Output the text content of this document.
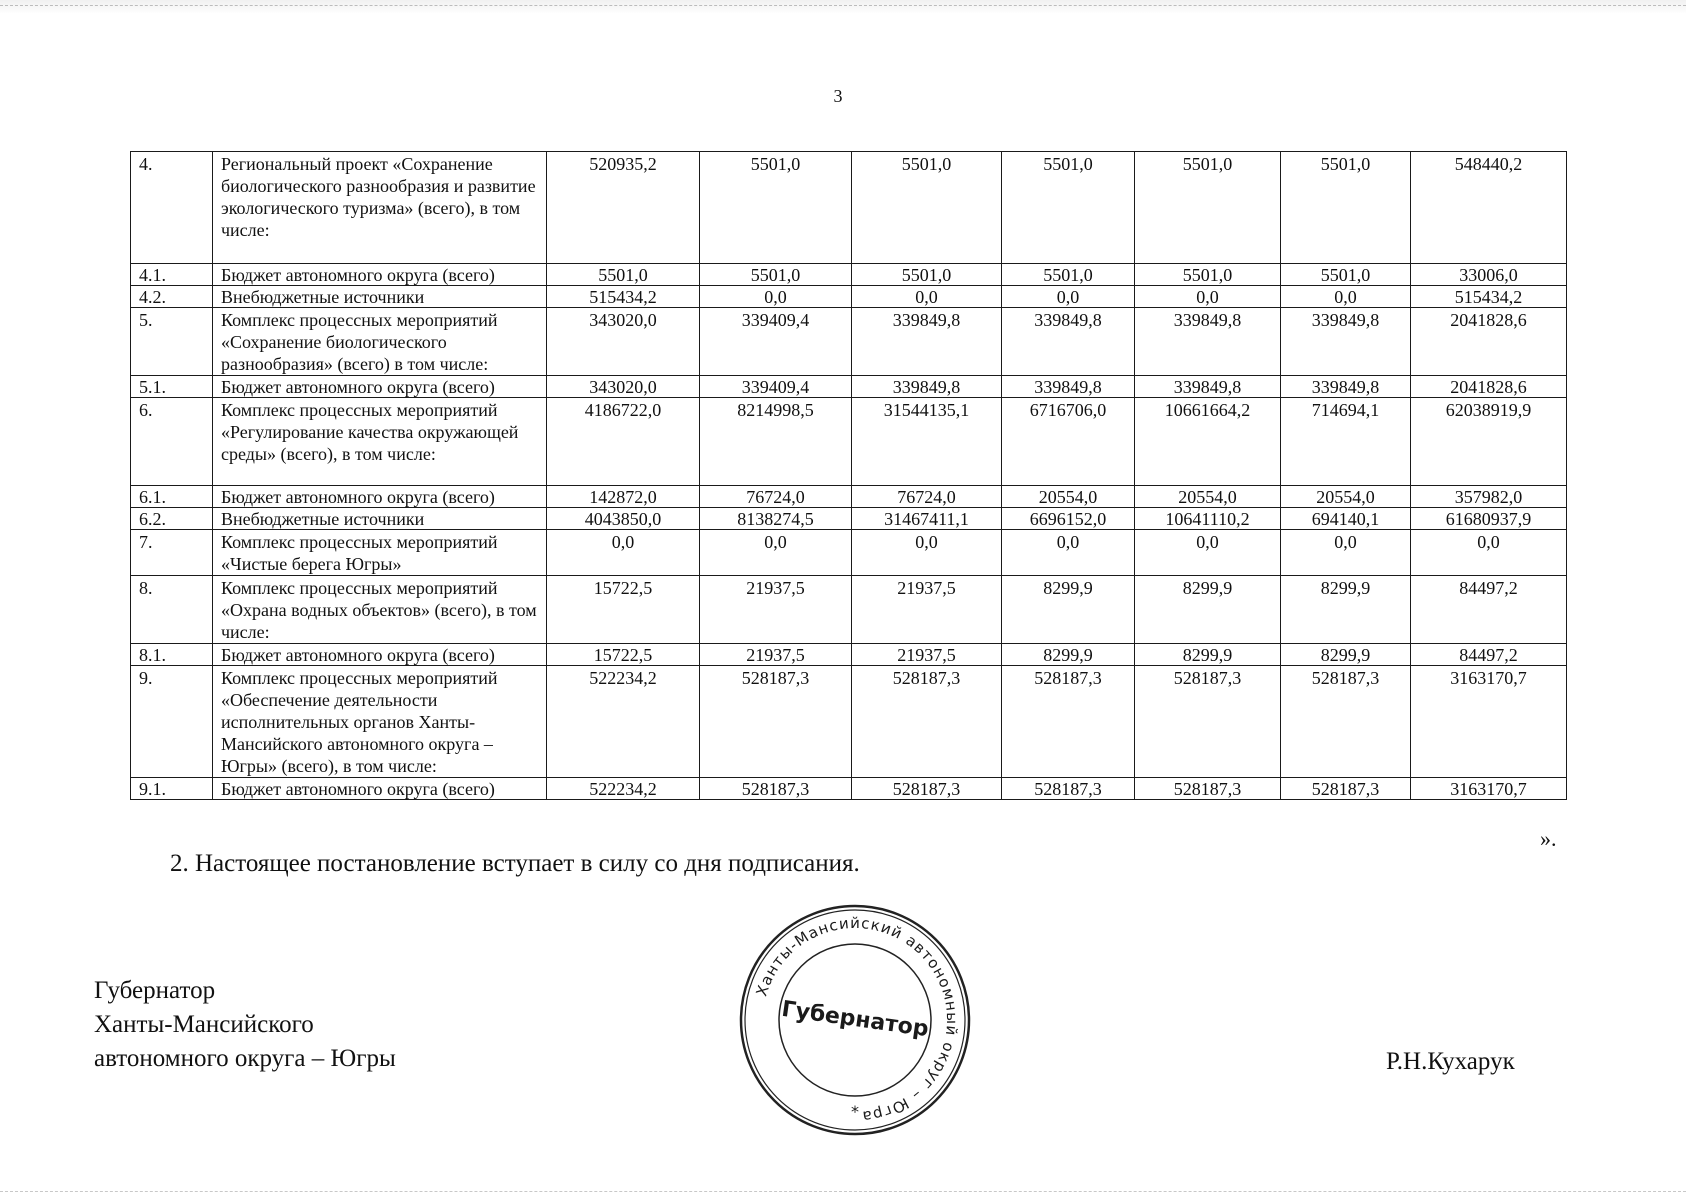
3
4.	Региональный проект «Сохранение биологического разнообразия и развитие экологического туризма» (всего), в том числе:	520935,2	5501,0	5501,0	5501,0	5501,0	5501,0	548440,2
4.1.	Бюджет автономного округа (всего)	5501,0	5501,0	5501,0	5501,0	5501,0	5501,0	33006,0
4.2.	Внебюджетные источники	515434,2	0,0	0,0	0,0	0,0	0,0	515434,2
5.	Комплекс процессных мероприятий «Сохранение биологического разнообразия» (всего) в том числе:	343020,0	339409,4	339849,8	339849,8	339849,8	339849,8	2041828,6
5.1.	Бюджет автономного округа (всего)	343020,0	339409,4	339849,8	339849,8	339849,8	339849,8	2041828,6
6.	Комплекс процессных мероприятий «Регулирование качества окружающей среды» (всего), в том числе:	4186722,0	8214998,5	31544135,1	6716706,0	10661664,2	714694,1	62038919,9
6.1.	Бюджет автономного округа (всего)	142872,0	76724,0	76724,0	20554,0	20554,0	20554,0	357982,0
6.2.	Внебюджетные источники	4043850,0	8138274,5	31467411,1	6696152,0	10641110,2	694140,1	61680937,9
7.	Комплекс процессных мероприятий «Чистые берега Югры»	0,0	0,0	0,0	0,0	0,0	0,0	0,0
8.	Комплекс процессных мероприятий «Охрана водных объектов» (всего), в том числе:	15722,5	21937,5	21937,5	8299,9	8299,9	8299,9	84497,2
8.1.	Бюджет автономного округа (всего)	15722,5	21937,5	21937,5	8299,9	8299,9	8299,9	84497,2
9.	Комплекс процессных мероприятий «Обеспечение деятельности исполнительных органов Ханты-Мансийского автономного округа – Югры» (всего), в том числе:	522234,2	528187,3	528187,3	528187,3	528187,3	528187,3	3163170,7
9.1.	Бюджет автономного округа (всего)	522234,2	528187,3	528187,3	528187,3	528187,3	528187,3	3163170,7
».
2. Настоящее постановление вступает в силу со дня подписания.
Губернатор
Ханты-Мансийского
автономного округа – Югры
Ханты-Мансийский автономный округ – Югра
Губернатор
*
Р.Н.Кухарук
